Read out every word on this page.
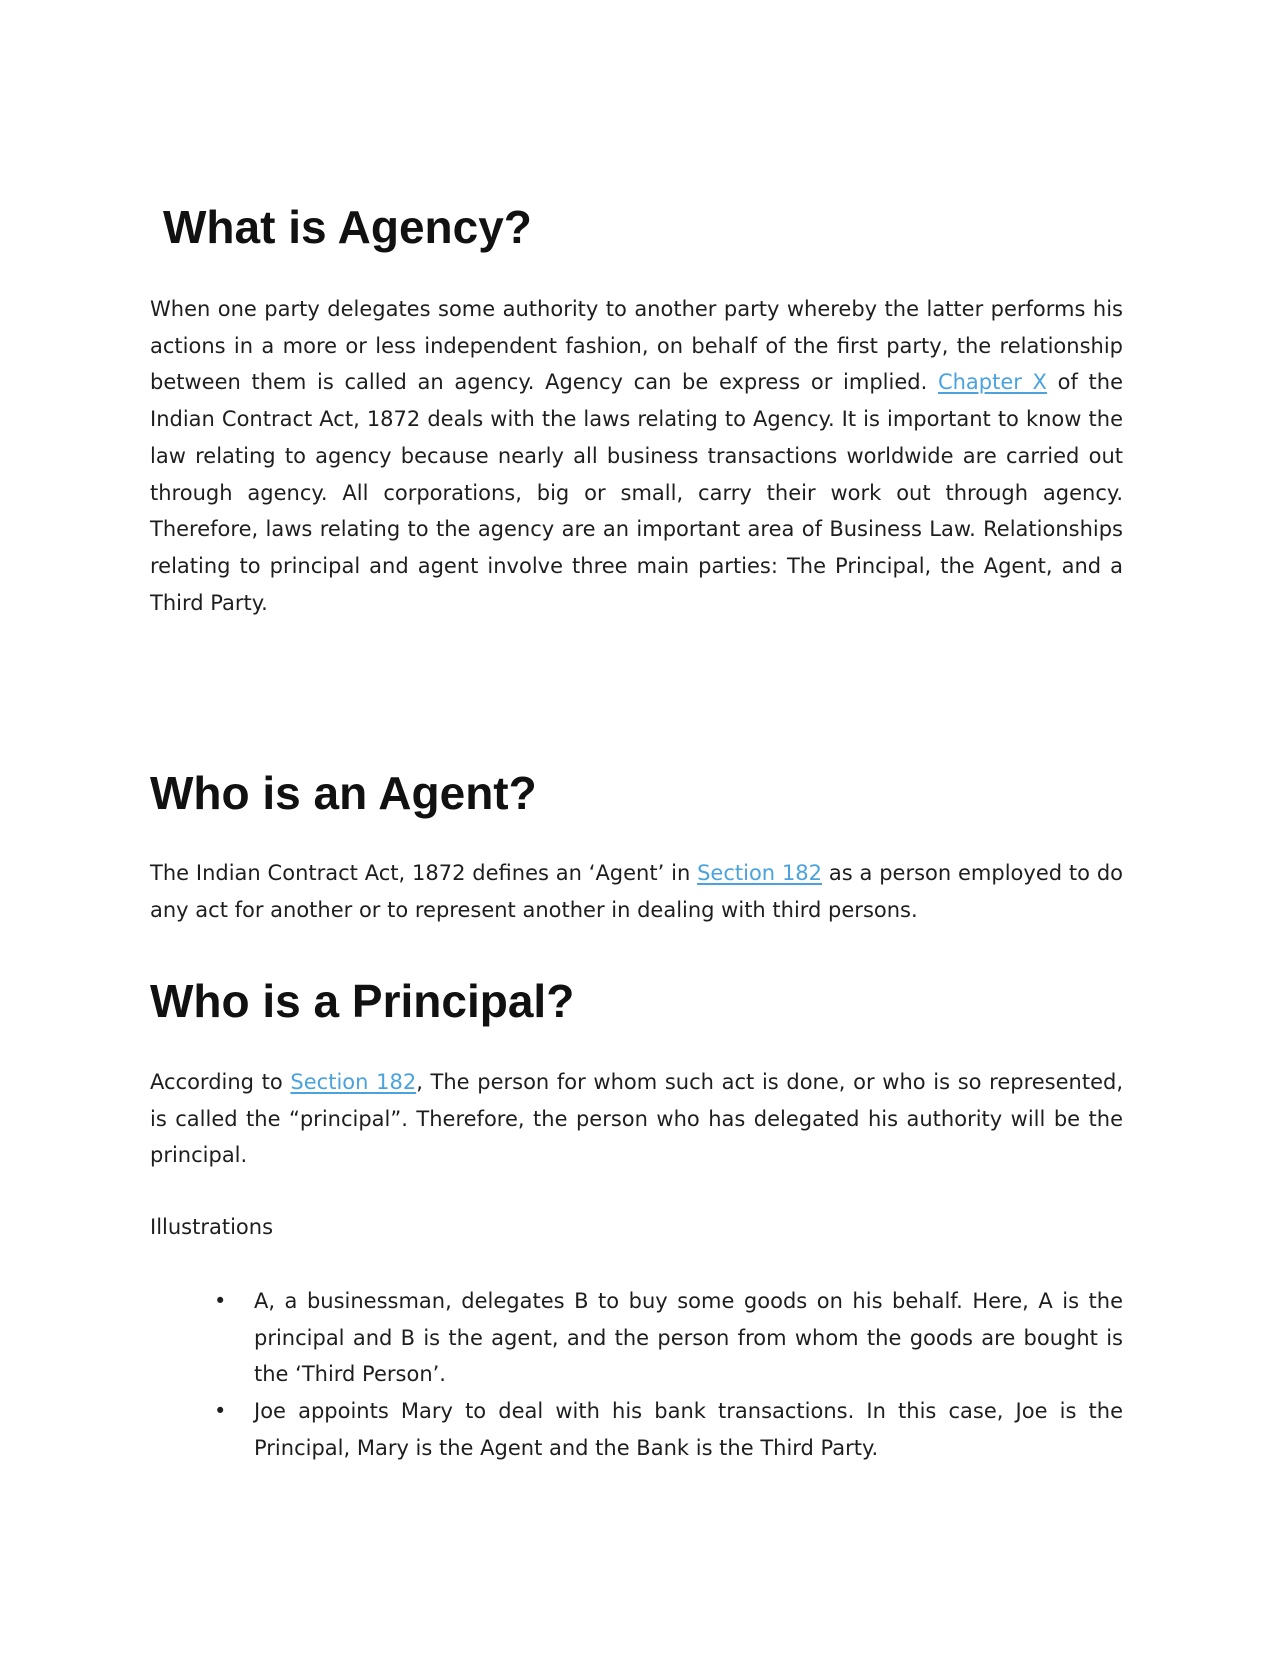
What is Agency?

When one party delegates some authority to another party whereby the latter performs his actions in a more or less independent fashion, on behalf of the first party, the relationship between them is called an agency. Agency can be express or implied. Chapter X of the Indian Contract Act, 1872 deals with the laws relating to Agency. It is important to know the law relating to agency because nearly all business transactions worldwide are carried out through agency. All corporations, big or small, carry their work out through agency. Therefore, laws relating to the agency are an important area of Business Law. Relationships relating to principal and agent involve three main parties: The Principal, the Agent, and a Third Party.

Who is an Agent?

The Indian Contract Act, 1872 defines an ‘Agent’ in Section 182 as a person employed to do any act for another or to represent another in dealing with third persons.

Who is a Principal?

According to Section 182, The person for whom such act is done, or who is so represented, is called the “principal”. Therefore, the person who has delegated his authority will be the principal.

Illustrations

• A, a businessman, delegates B to buy some goods on his behalf. Here, A is the principal and B is the agent, and the person from whom the goods are bought is the ‘Third Person’.
• Joe appoints Mary to deal with his bank transactions. In this case, Joe is the Principal, Mary is the Agent and the Bank is the Third Party.
